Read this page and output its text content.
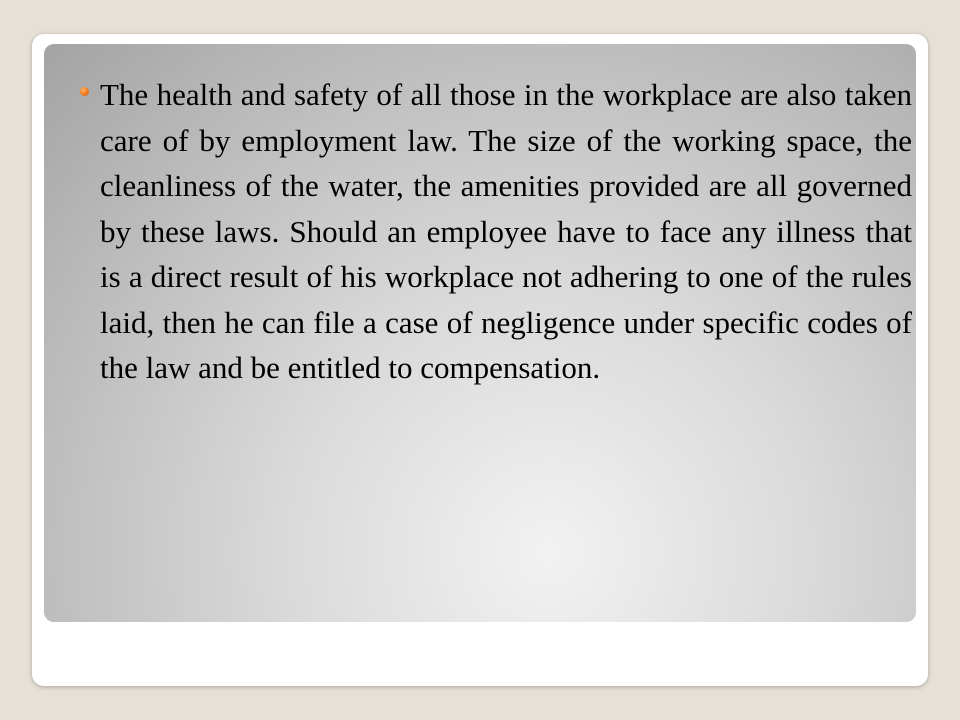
The health and safety of all those in the workplace are also taken care of by employment law. The size of the working space, the cleanliness of the water, the amenities provided are all governed by these laws. Should an employee have to face any illness that is a direct result of his workplace not adhering to one of the rules laid, then he can file a case of negligence under specific codes of the law and be entitled to compensation.
